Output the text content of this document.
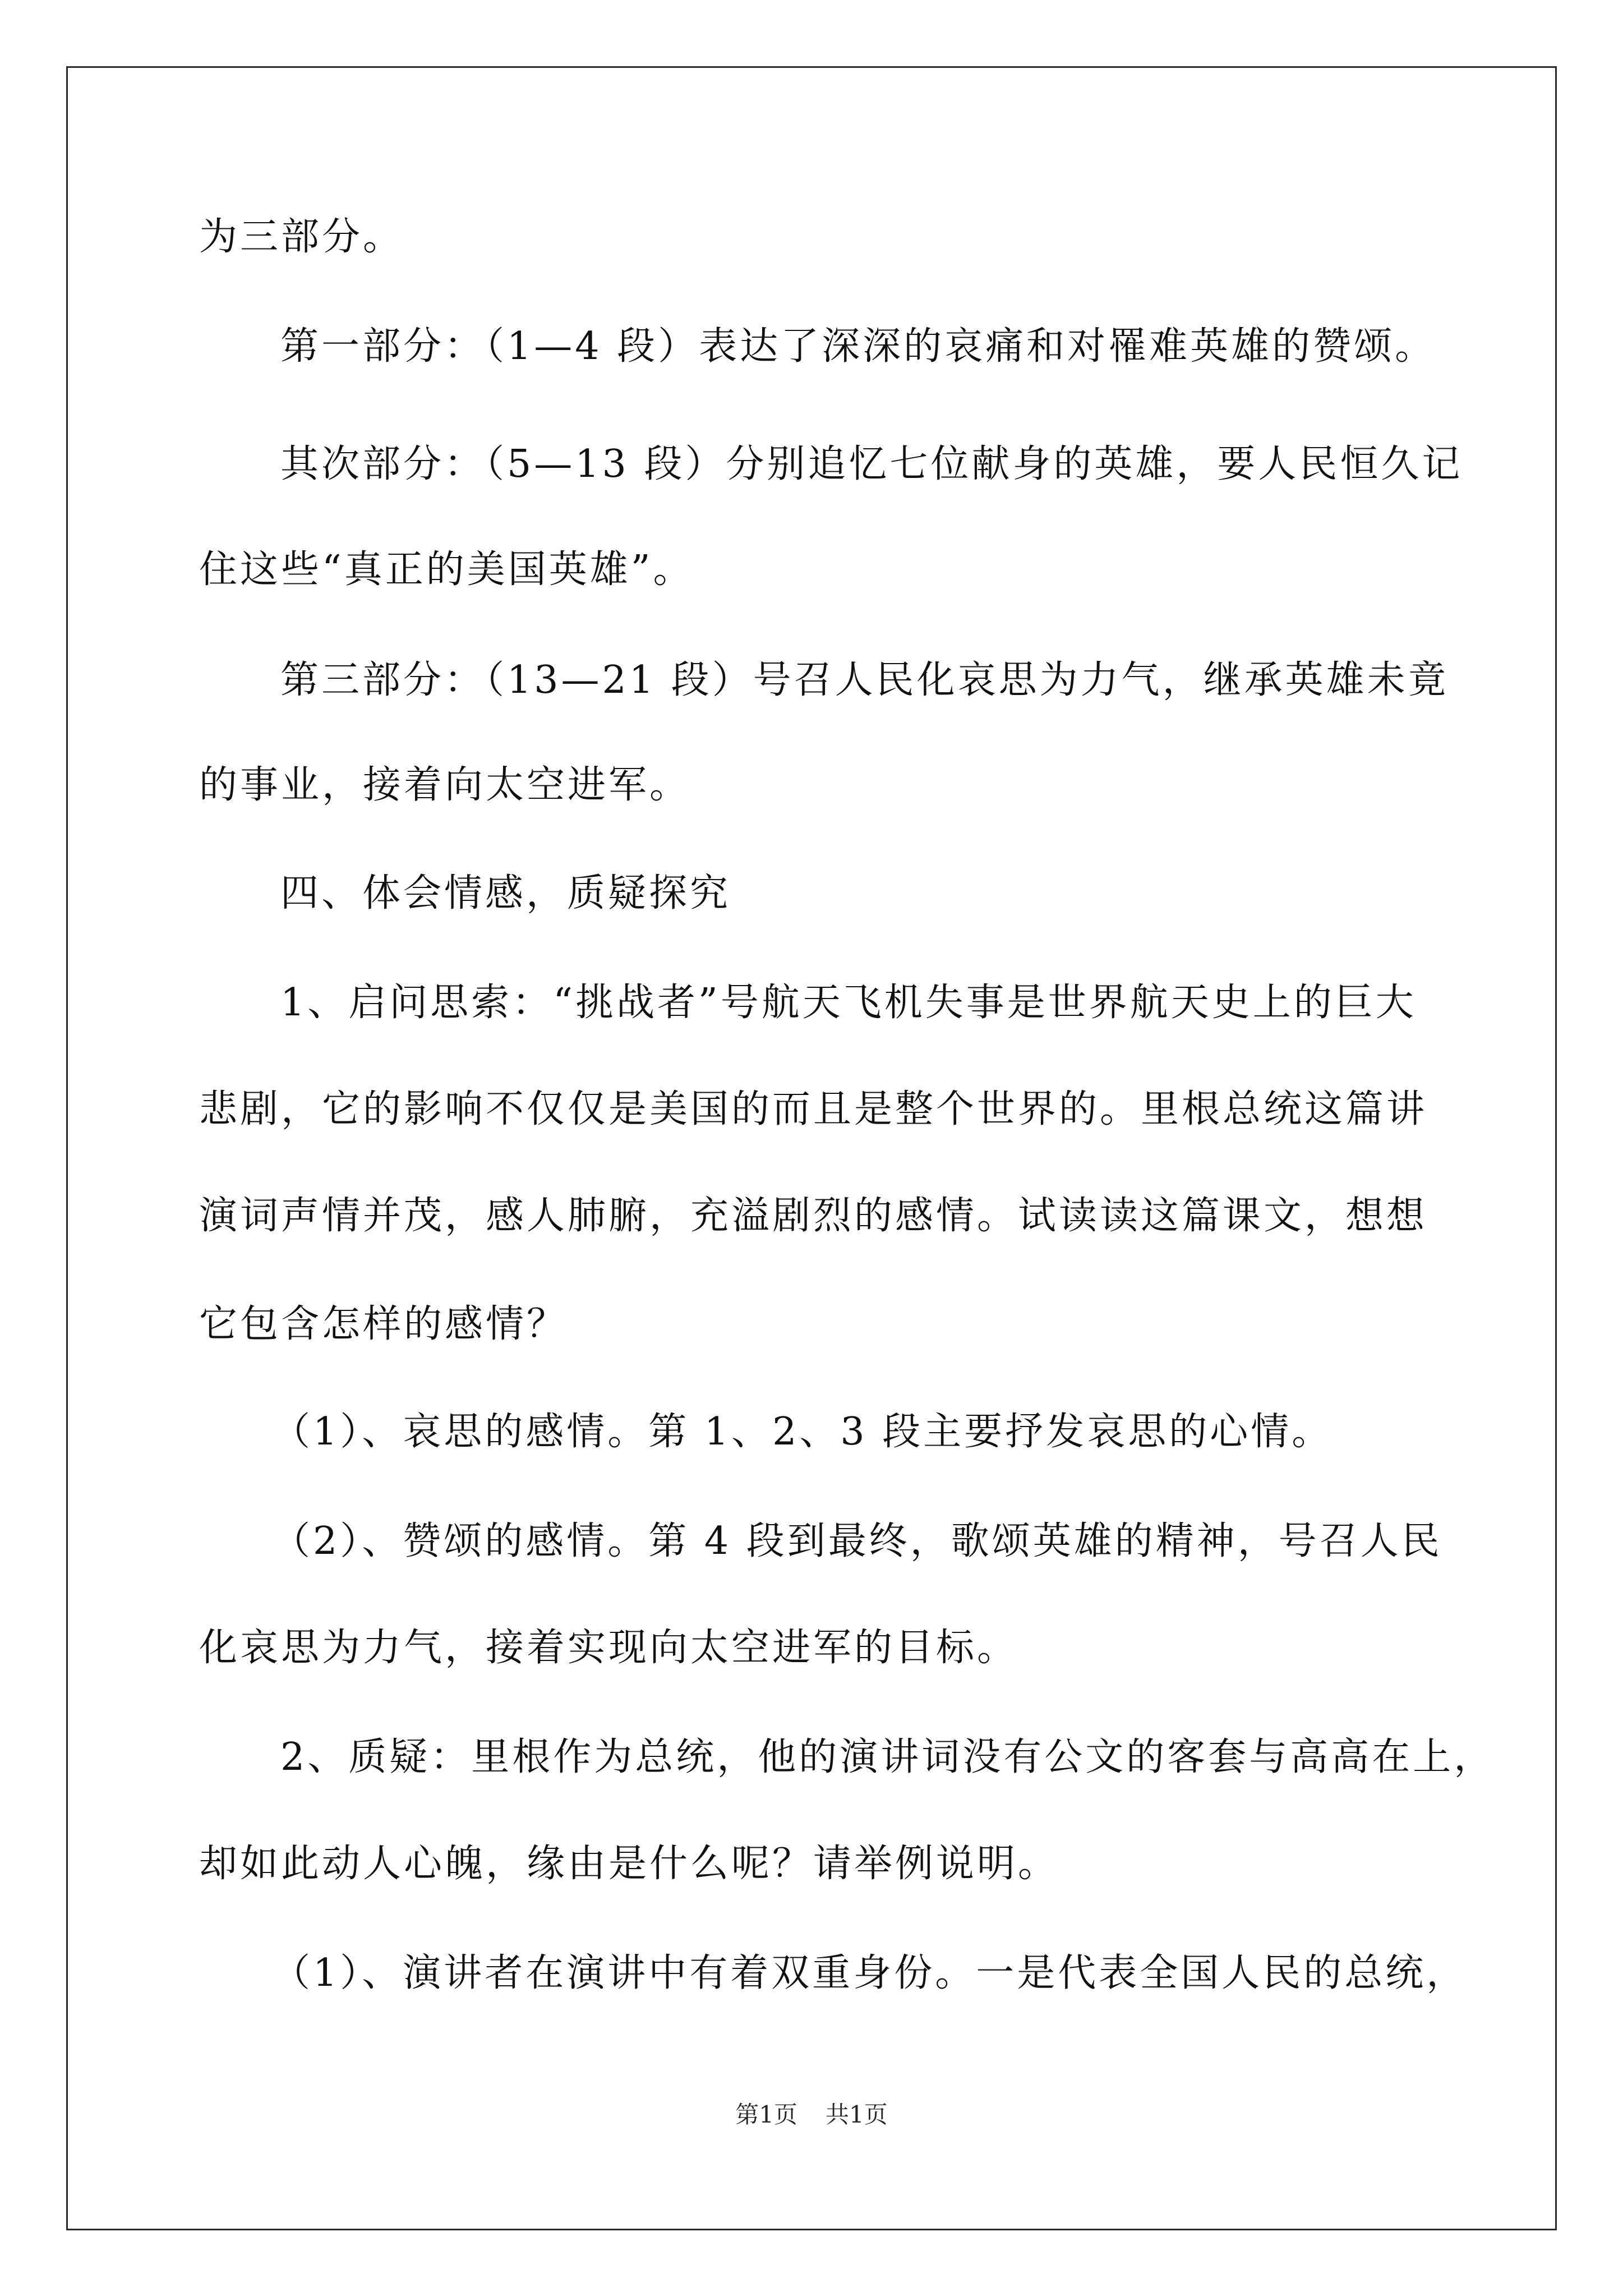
为三部分。
第一部分：（1—4 段）表达了深深的哀痛和对罹难英雄的赞颂。
其次部分：（5—13 段）分别追忆七位献身的英雄，要人民恒久记
住这些“真正的美国英雄”。
第三部分：（13—21 段）号召人民化哀思为力气，继承英雄未竟
的事业，接着向太空进军。
四、体会情感，质疑探究
1、启问思索：“挑战者”号航天飞机失事是世界航天史上的巨大
悲剧，它的影响不仅仅是美国的而且是整个世界的。里根总统这篇讲
演词声情并茂，感人肺腑，充溢剧烈的感情。试读读这篇课文，想想
它包含怎样的感情？
（1）、哀思的感情。第 1、2、3 段主要抒发哀思的心情。
（2）、赞颂的感情。第 4 段到最终，歌颂英雄的精神，号召人民
化哀思为力气，接着实现向太空进军的目标。
2、质疑：里根作为总统，他的演讲词没有公文的客套与高高在上，
却如此动人心魄，缘由是什么呢？请举例说明。
（1）、演讲者在演讲中有着双重身份。一是代表全国人民的总统，
第1页 共1页
